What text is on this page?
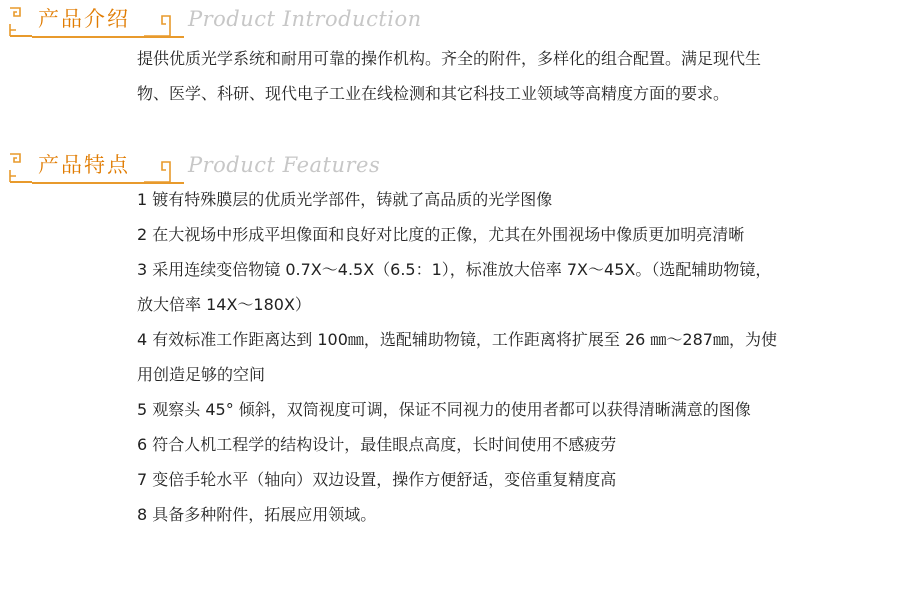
产品介绍	Product Introduction

提供优质光学系统和耐用可靠的操作机构。齐全的附件，多样化的组合配置。满足现代生物、医学、科研、现代电子工业在线检测和其它科技工业领域等高精度方面的要求。

产品特点	Product Features

1 镀有特殊膜层的优质光学部件，铸就了高品质的光学图像

2 在大视场中形成平坦像面和良好对比度的正像，尤其在外围视场中像质更加明亮清晰

3 采用连续变倍物镜 0.7X～4.5X（6.5：1），标准放大倍率 7X～45X。（选配辅助物镜，放大倍率 14X～180X）

4 有效标准工作距离达到 100㎜，选配辅助物镜，工作距离将扩展至 26 ㎜～287㎜，为使用创造足够的空间

5 观察头 45° 倾斜，双筒视度可调，保证不同视力的使用者都可以获得清晰满意的图像

6 符合人机工程学的结构设计，最佳眼点高度，长时间使用不感疲劳

7 变倍手轮水平（轴向）双边设置，操作方便舒适，变倍重复精度高

8 具备多种附件，拓展应用领域。
